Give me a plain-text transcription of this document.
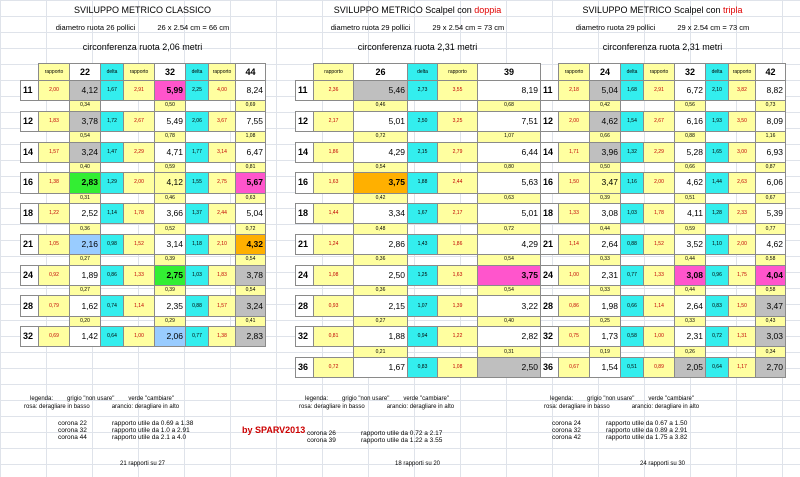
SVILUPPO METRICO CLASSICO
diametro ruota 26 pollici	26 x 2.54 cm = 66 cm
circonferenza ruota 2,06 metri
	rapporto	22	delta	rapporto	32	delta	rapporto	44
11	2,00	4,12	1,67	2,91	5,99	2,25	4,00	8,24
		0,34			0,50			0,69
12	1,83	3,78	1,72	2,67	5,49	2,06	3,67	7,55
		0,54			0,78			1,08
14	1,57	3,24	1,47	2,29	4,71	1,77	3,14	6,47
		0,40			0,59			0,81
16	1,38	2,83	1,29	2,00	4,12	1,55	2,75	5,67
		0,31			0,46			0,63
18	1,22	2,52	1,14	1,78	3,66	1,37	2,44	5,04
		0,36			0,52			0,72
21	1,05	2,16	0,98	1,52	3,14	1,18	2,10	4,32
		0,27			0,39			0,54
24	0,92	1,89	0,86	1,33	2,75	1,03	1,83	3,78
		0,27			0,39			0,54
28	0,79	1,62	0,74	1,14	2,35	0,88	1,57	3,24
		0,20			0,29			0,41
32	0,69	1,42	0,64	1,00	2,06	0,77	1,38	2,83
legenda: grigio "non usare" verde "cambiare"
rosa: deragliare in basso	arancio: deragliare in alto
corona 22	rapporto utile da 0.69 a 1.38
corona 32	rapporto utile da 1.0 a 2.91
corona 44	rapporto utile da 2.1 a 4.0
21 rapporti su 27
SVILUPPO METRICO Scalpel con doppia
diametro ruota 29 pollici	29 x 2.54 cm = 73 cm
circonferenza ruota 2,31 metri
	rapporto	26	delta	rapporto	39
11	2,36	5,46	2,73	3,55	8,19
		0,46			0,68
12	2,17	5,01	2,50	3,25	7,51
		0,72			1,07
14	1,86	4,29	2,15	2,79	6,44
		0,54			0,80
16	1,63	3,75	1,88	2,44	5,63
		0,42			0,63
18	1,44	3,34	1,67	2,17	5,01
		0,48			0,72
21	1,24	2,86	1,43	1,86	4,29
		0,36			0,54
24	1,08	2,50	1,25	1,63	3,75
		0,36			0,54
28	0,93	2,15	1,07	1,39	3,22
		0,27			0,40
32	0,81	1,88	0,94	1,22	2,82
		0,21			0,31
36	0,72	1,67	0,83	1,08	2,50
legenda: grigio "non usare" verde "cambiare"
rosa: deragliare in basso	arancio: deragliare in alto
corona 26	rapporto utile da 0.72 a 2.17
corona 39	rapporto utile da 1.22 a 3.55
18 rapporti su 20
SVILUPPO METRICO Scalpel con tripla
diametro ruota 29 pollici	29 x 2.54 cm = 73 cm
circonferenza ruota 2,31 metri
	rapporto	24	delta	rapporto	32	delta	rapporto	42
11	2,18	5,04	1,68	2,91	6,72	2,10	3,82	8,82
		0,42			0,56			0,73
12	2,00	4,62	1,54	2,67	6,16	1,93	3,50	8,09
		0,66			0,88			1,16
14	1,71	3,96	1,32	2,29	5,28	1,65	3,00	6,93
		0,50			0,66			0,87
16	1,50	3,47	1,16	2,00	4,62	1,44	2,63	6,06
		0,39			0,51			0,67
18	1,33	3,08	1,03	1,78	4,11	1,28	2,33	5,39
		0,44			0,59			0,77
21	1,14	2,64	0,88	1,52	3,52	1,10	2,00	4,62
		0,33			0,44			0,58
24	1,00	2,31	0,77	1,33	3,08	0,96	1,75	4,04
		0,33			0,44			0,58
28	0,86	1,98	0,66	1,14	2,64	0,83	1,50	3,47
		0,25			0,33			0,43
32	0,75	1,73	0,58	1,00	2,31	0,72	1,31	3,03
		0,19			0,26			0,34
36	0,67	1,54	0,51	0,89	2,05	0,64	1,17	2,70
legenda: grigio "non usare" verde "cambiare"
rosa: deragliare in basso	arancio: deragliare in alto
corona 24	rapporto utile da 0.67 a 1.50
corona 32	rapporto utile da 0.89 a 2.91
corona 42	rapporto utile da 1.75 a 3.82
24 rapporti su 30
by SPARV2013
